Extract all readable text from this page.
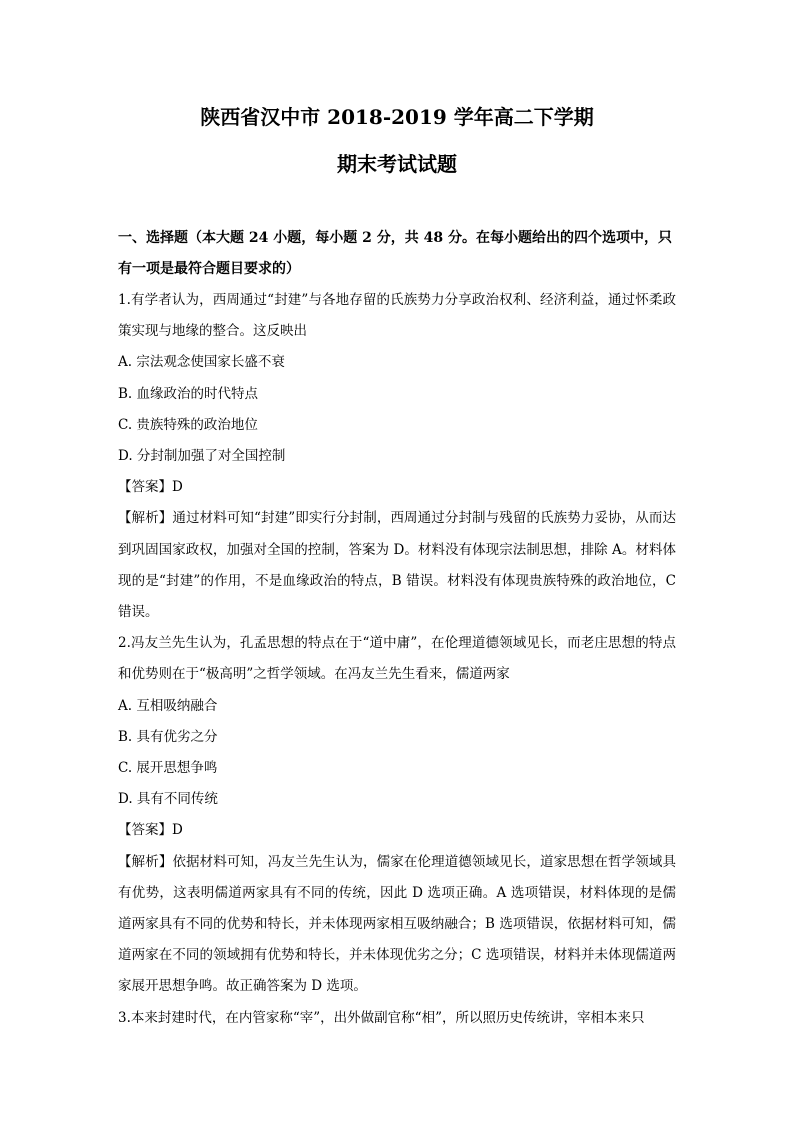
陕西省汉中市 2018-2019 学年高二下学期
期末考试试题
一、选择题（本大题 24 小题，每小题 2 分，共 48 分。在每小题给出的四个选项中，只有一项是最符合题目要求的）

1.有学者认为，西周通过“封建”与各地存留的氏族势力分享政治权利、经济利益，通过怀柔政策实现与地缘的整合。这反映出

A. 宗法观念使国家长盛不衰

B. 血缘政治的时代特点

C. 贵族特殊的政治地位

D. 分封制加强了对全国控制

【答案】D

【解析】通过材料可知“封建”即实行分封制，西周通过分封制与残留的氏族势力妥协，从而达到巩固国家政权，加强对全国的控制，答案为 D。材料没有体现宗法制思想，排除 A。材料体现的是“封建”的作用，不是血缘政治的特点，B 错误。材料没有体现贵族特殊的政治地位，C 错误。

2.冯友兰先生认为，孔孟思想的特点在于“道中庸”，在伦理道德领域见长，而老庄思想的特点和优势则在于“极高明”之哲学领域。在冯友兰先生看来，儒道两家

A. 互相吸纳融合

B. 具有优劣之分

C. 展开思想争鸣

D. 具有不同传统

【答案】D

【解析】依据材料可知，冯友兰先生认为，儒家在伦理道德领域见长，道家思想在哲学领域具有优势，这表明儒道两家具有不同的传统，因此 D 选项正确。A 选项错误，材料体现的是儒道两家具有不同的优势和特长，并未体现两家相互吸纳融合；B 选项错误，依据材料可知，儒道两家在不同的领域拥有优势和特长，并未体现优劣之分；C 选项错误，材料并未体现儒道两家展开思想争鸣。故正确答案为 D 选项。

3.本来封建时代，在内管家称“宰”，出外做副官称“相”，所以照历史传统讲，宰相本来只
